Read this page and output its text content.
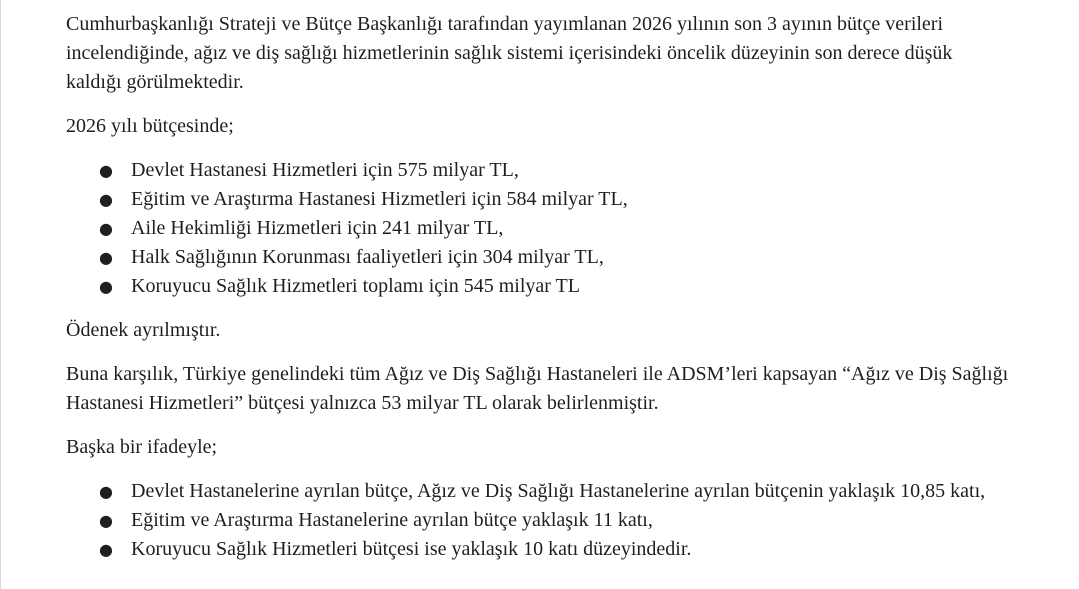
Cumhurbaşkanlığı Strateji ve Bütçe Başkanlığı tarafından yayımlanan 2026 yılının son 3 ayının bütçe verileri incelendiğinde, ağız ve diş sağlığı hizmetlerinin sağlık sistemi içerisindeki öncelik düzeyinin son derece düşük kaldığı görülmektedir.

2026 yılı bütçesinde;

● Devlet Hastanesi Hizmetleri için 575 milyar TL,
● Eğitim ve Araştırma Hastanesi Hizmetleri için 584 milyar TL,
● Aile Hekimliği Hizmetleri için 241 milyar TL,
● Halk Sağlığının Korunması faaliyetleri için 304 milyar TL,
● Koruyucu Sağlık Hizmetleri toplamı için 545 milyar TL

Ödenek ayrılmıştır.

Buna karşılık, Türkiye genelindeki tüm Ağız ve Diş Sağlığı Hastaneleri ile ADSM’leri kapsayan “Ağız ve Diş Sağlığı Hastanesi Hizmetleri” bütçesi yalnızca 53 milyar TL olarak belirlenmiştir.

Başka bir ifadeyle;

● Devlet Hastanelerine ayrılan bütçe, Ağız ve Diş Sağlığı Hastanelerine ayrılan bütçenin yaklaşık 10,85 katı,
● Eğitim ve Araştırma Hastanelerine ayrılan bütçe yaklaşık 11 katı,
● Koruyucu Sağlık Hizmetleri bütçesi ise yaklaşık 10 katı düzeyindedir.
